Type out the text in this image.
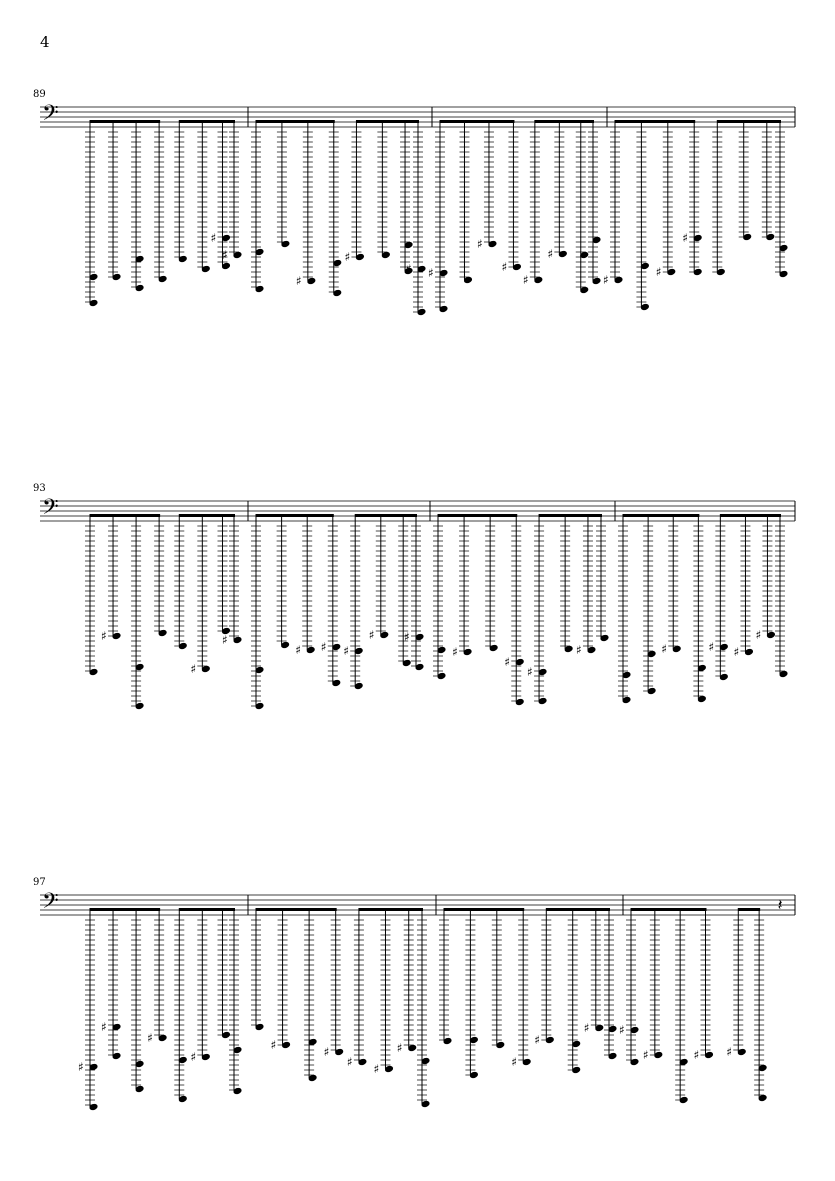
4
89
93
97
𝄢
♯
♯
♯
♯
♯ ♯
♯
♯
♯
♯
♯
♯
♯
𝄢
♯
♯
♯
♯ ♯ ♯
♯ ♯
♯
♯
♯
♯	♯	♯ ♯
♯
𝄢
♯
♯
♯
♯
♯	♯
♯ ♯
♯
♯
♯
♯ ♯
♯	♯ ♯
𝄽
